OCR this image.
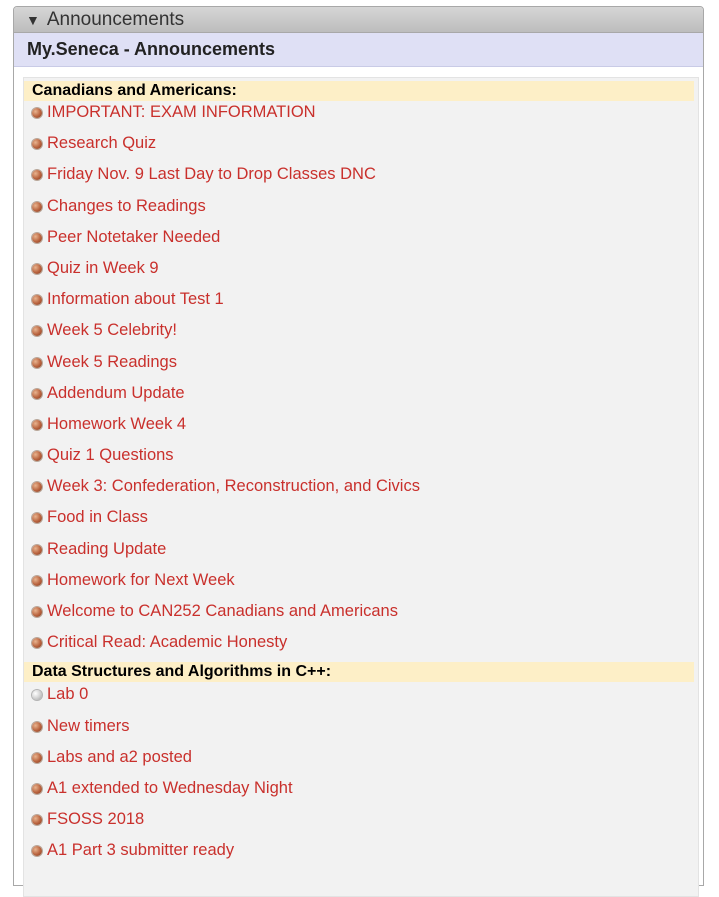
▼ Announcements
My.Seneca - Announcements
Canadians and Americans:
IMPORTANT: EXAM INFORMATION
Research Quiz
Friday Nov. 9 Last Day to Drop Classes DNC
Changes to Readings
Peer Notetaker Needed
Quiz in Week 9
Information about Test 1
Week 5 Celebrity!
Week 5 Readings
Addendum Update
Homework Week 4
Quiz 1 Questions
Week 3: Confederation, Reconstruction, and Civics
Food in Class
Reading Update
Homework for Next Week
Welcome to CAN252 Canadians and Americans
Critical Read: Academic Honesty
Data Structures and Algorithms in C++:
Lab 0
New timers
Labs and a2 posted
A1 extended to Wednesday Night
FSOSS 2018
A1 Part 3 submitter ready
